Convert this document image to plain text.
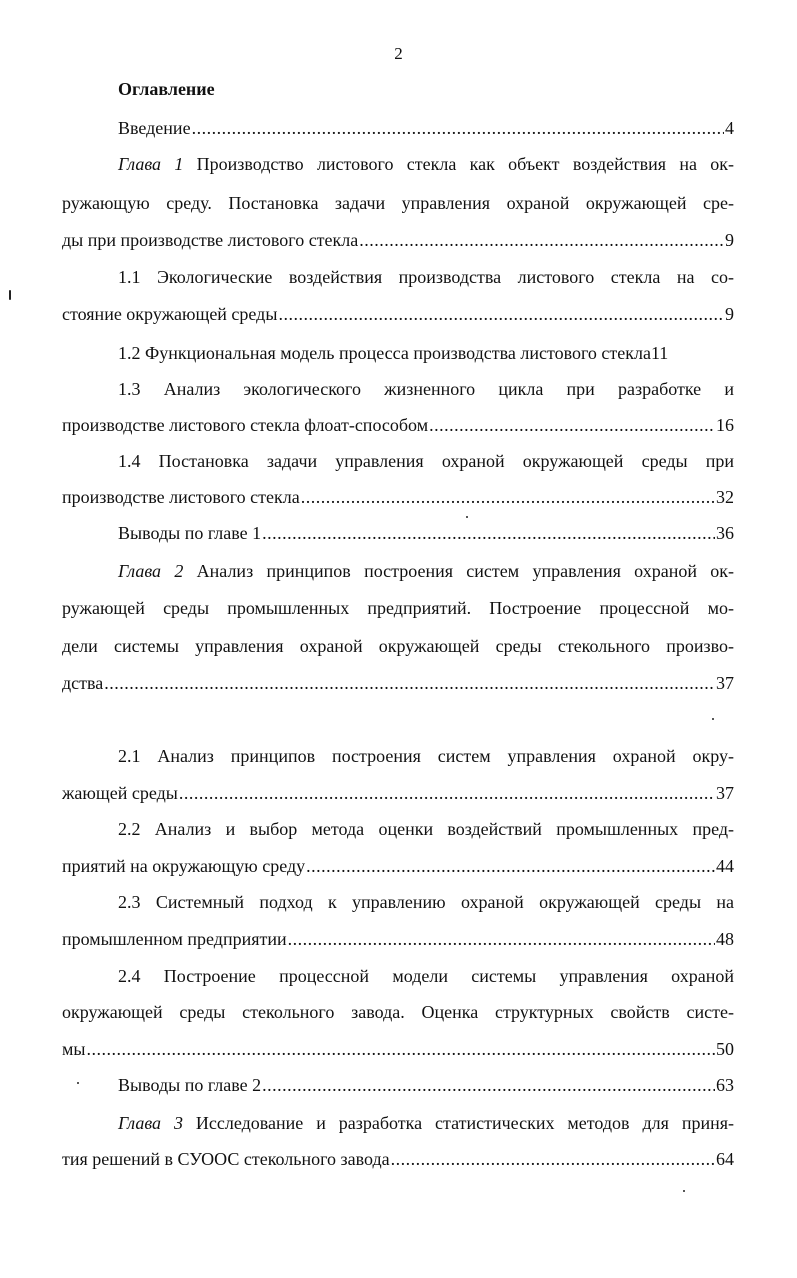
2
Оглавление
Введение .....	4
Глава 1 Производство листового стекла как объект воздействия на ок-
ружающую среду. Постановка задачи управления охраной окружающей сре-
ды при производстве листового стекла .....	9
1.1 Экологические воздействия производства листового стекла на со-
стояние окружающей среды .....	9
1.2 Функциональная модель процесса производства листового стекла11
1.3 Анализ экологического жизненного цикла при разработке и
производстве листового стекла флоат-способом .....	16
1.4 Постановка задачи управления охраной окружающей среды при
производстве листового стекла .....	32
Выводы по главе 1 .....	36
Глава 2 Анализ принципов построения систем управления охраной ок-
ружающей среды промышленных предприятий. Построение процессной мо-
дели системы управления охраной окружающей среды стекольного произво-
дства .....	37
2.1 Анализ принципов построения систем управления охраной окру-
жающей среды .....	37
2.2 Анализ и выбор метода оценки воздействий промышленных пред-
приятий на окружающую среду .....	44
2.3 Системный подход к управлению охраной окружающей среды на
промышленном предприятии .....	48
2.4 Построение процессной модели системы управления охраной
окружающей среды стекольного завода. Оценка структурных свойств систе-
мы .....	50
Выводы по главе 2 .....	63
Глава 3 Исследование и разработка статистических методов для приня-
тия решений в СУООС стекольного завода .....	64
